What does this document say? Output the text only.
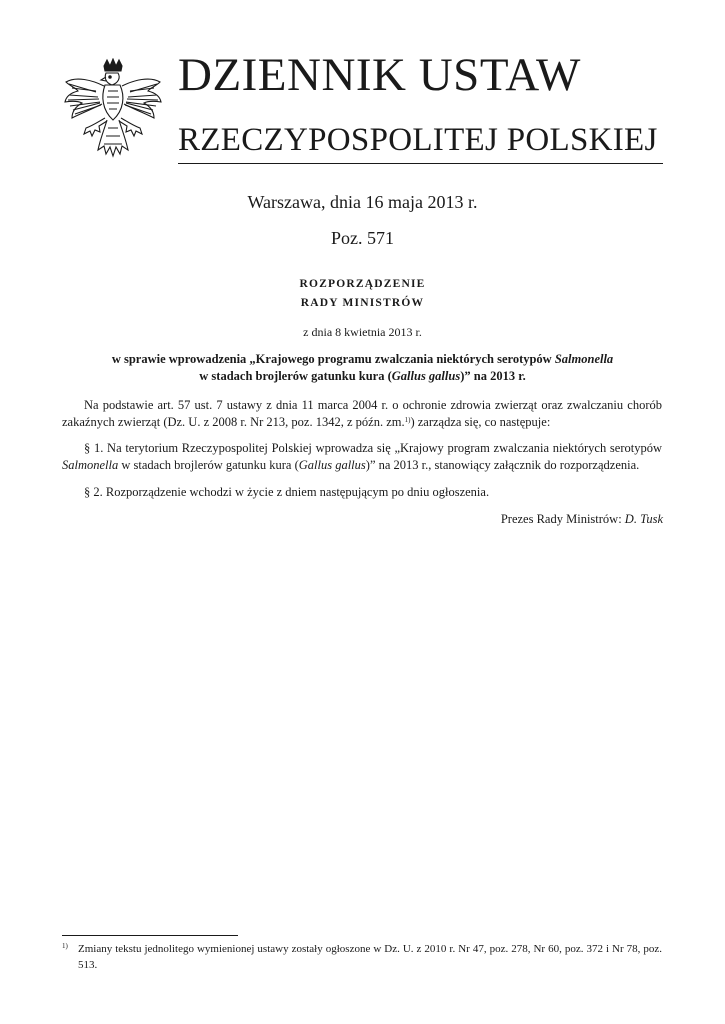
DZIENNIK USTAW
RZECZYPOSPOLITEJ POLSKIEJ
Warszawa, dnia 16 maja 2013 r.
Poz. 571
ROZPORZĄDZENIE
RADY MINISTRÓW
z dnia 8 kwietnia 2013 r.
w sprawie wprowadzenia „Krajowego programu zwalczania niektórych serotypów Salmonella
w stadach brojlerów gatunku kura (Gallus gallus)” na 2013 r.
Na podstawie art. 57 ust. 7 ustawy z dnia 11 marca 2004 r. o ochronie zdrowia zwierząt oraz zwalczaniu chorób zakaźnych zwierząt (Dz. U. z 2008 r. Nr 213, poz. 1342, z późn. zm.$^{1)}$) zarządza się, co następuje:
§ 1. Na terytorium Rzeczypospolitej Polskiej wprowadza się „Krajowy program zwalczania niektórych serotypów Salmonella w stadach brojlerów gatunku kura (Gallus gallus)” na 2013 r., stanowiący załącznik do rozporządzenia.
§ 2. Rozporządzenie wchodzi w życie z dniem następującym po dniu ogłoszenia.
Prezes Rady Ministrów: D. Tusk
1) Zmiany tekstu jednolitego wymienionej ustawy zostały ogłoszone w Dz. U. z 2010 r. Nr 47, poz. 278, Nr 60, poz. 372 i Nr 78, poz. 513.
